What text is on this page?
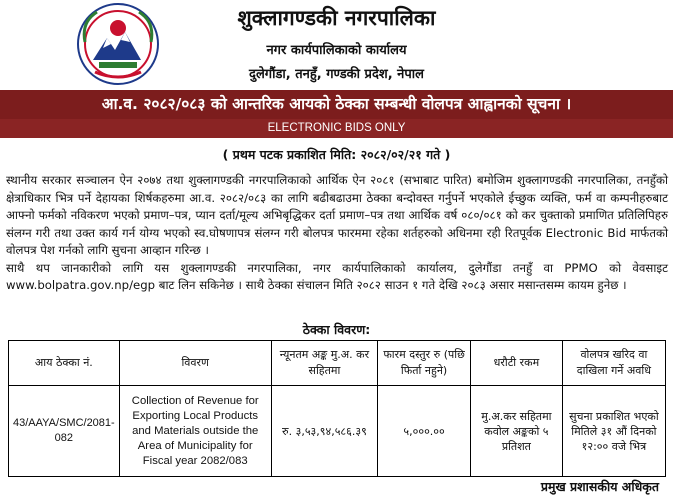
शुक्लागण्डकी नगरपालिका
नगर कार्यपालिकाको कार्यालय
दुलेगौंडा, तनहुँ, गण्डकी प्रदेश, नेपाल
आ.व. २०८२/०८३ को आन्तरिक आयको ठेक्का सम्बन्धी वोलपत्र आह्वानको सूचना ।
ELECTRONIC BIDS ONLY
( प्रथम पटक प्रकाशित मिति: २०८२/०२/२१ गते )

स्थानीय सरकार सञ्चालन ऐन २०७४ तथा शुक्लागण्डकी नगरपालिकाको आर्थिक ऐन २०८१ (सभाबाट पारित) बमोजिम शुक्लागण्डकी नगरपालिका, तनहुँको क्षेत्राधिकार भित्र पर्ने देहायका शिर्षकहरुमा आ.व. २०८२/०८३ का लागि बढीबढाउमा ठेक्का बन्दोवस्त गर्नुपर्ने भएकोले ईच्छुक व्यक्ति, फर्म वा कम्पनीहरुबाट आफ्नो फर्मको नविकरण भएको प्रमाण–पत्र, प्यान दर्ता/मूल्य अभिबृद्धिकर दर्ता प्रमाण–पत्र तथा आर्थिक वर्ष ०८०/०८१ को कर चुक्ताको प्रमाणित प्रतिलिपिहरु संलग्न गरी तथा उक्त कार्य गर्न योग्य भएको स्व.घोषणापत्र संलग्न गरी बोलपत्र फारममा रहेका शर्तहरुको अधिनमा रही रितपूर्वक Electronic Bid मार्फतको वोलपत्र पेश गर्नको लागि सुचना आव्हान गरिन्छ ।

साथै थप जानकारीको लागि यस शुक्लागण्डकी नगरपालिका, नगर कार्यपालिकाको कार्यालय, दुलेगौंडा तनहुँ वा PPMO को वेवसाइट www.bolpatra.gov.np/egp बाट लिन सकिनेछ । साथै ठेक्का संचालन मिति २०८२ साउन १ गते देखि २०८३ असार मसान्तसम्म कायम हुनेछ ।

ठेक्का विवरण:
आय ठेक्का नं.	विवरण	न्यूनतम अङ्क मु.अ. कर सहितमा	फारम दस्तुर रु (पछि फिर्ता नहुने)	धरौटी रकम	वोलपत्र खरिद वा दाखिला गर्ने अवधि
43/AAYA/SMC/2081-082	Collection of Revenue for Exporting Local Products and Materials outside the Area of Municipality for Fiscal year 2082/083	रु. ३,५३,९४,५८६.३९	५,०००.००	मु.अ.कर सहितमा कवोल अङ्कको ५ प्रतिशत	सुचना प्रकाशित भएको मितिले ३१ औं दिनको १२:०० वजे भित्र
प्रमुख प्रशासकीय अधिकृत
